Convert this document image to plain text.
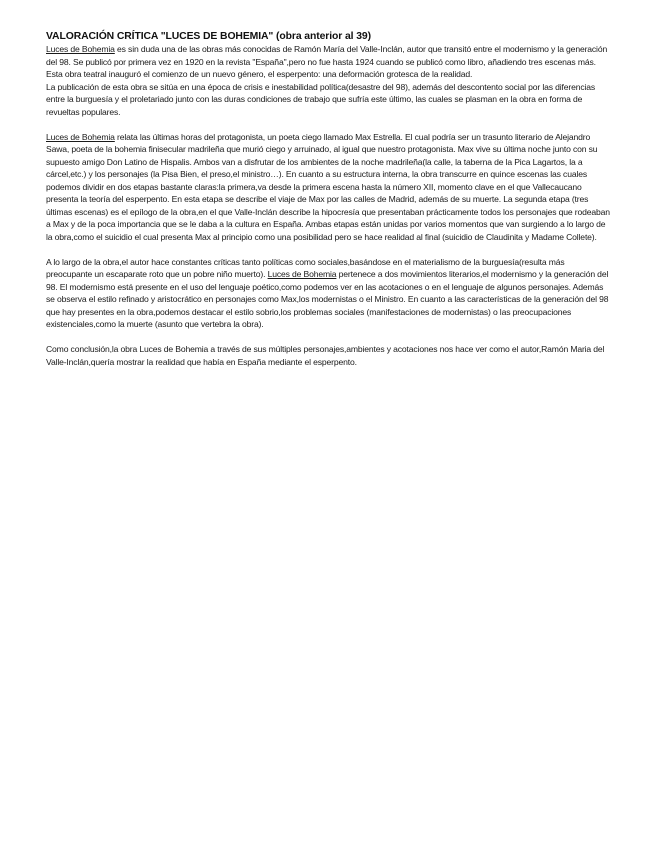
VALORACIÓN CRÍTICA "LUCES DE BOHEMIA" (obra anterior al 39)

Luces de Bohemia es sin duda una de las obras más conocidas de Ramón María del Valle-Inclán, autor que transitó entre el modernismo y la generación del 98. Se publicó por primera vez en 1920 en la revista "España",pero no fue hasta 1924 cuando se publicó como libro, añadiendo tres escenas más. Esta obra teatral inauguró el comienzo de un nuevo género, el esperpento: una deformación grotesca de la realidad.

La publicación de esta obra se sitúa en una época de crisis e inestabilidad política(desastre del 98), además del descontento social por las diferencias entre la burguesía y el proletariado junto con las duras condiciones de trabajo que sufría este último, las cuales se plasman en la obra en forma de revueltas populares.

Luces de Bohemia relata las últimas horas del protagonista, un poeta ciego llamado Max Estrella. El cual podría ser un trasunto literario de Alejandro Sawa, poeta de la bohemia finisecular madrileña que murió ciego y arruinado, al igual que nuestro protagonista. Max vive su última noche junto con su supuesto amigo Don Latino de Hispalis. Ambos van a disfrutar de los ambientes de la noche madrileña(la calle, la taberna de la Pica Lagartos, la a cárcel,etc.) y los personajes (la Pisa Bien, el preso,el ministro…). En cuanto a su estructura interna, la obra transcurre en quince escenas las cuales podemos dividir en dos etapas bastante claras:la primera,va desde la primera escena hasta la número XII, momento clave en el que Vallecaucano presenta la teoría del esperpento. En esta etapa se describe el viaje de Max por las calles de Madrid, además de su muerte. La segunda etapa (tres últimas escenas) es el epílogo de la obra,en el que Valle-Inclán describe la hipocresía que presentaban prácticamente todos los personajes que rodeaban a Max y de la poca importancia que se le daba a la cultura en España. Ambas etapas están unidas por varios momentos que van surgiendo a lo largo de la obra,como el suicidio el cual presenta Max al principio como una posibilidad pero se hace realidad al final (suicidio de Claudinita y Madame Collete).

A lo largo de la obra,el autor hace constantes críticas tanto políticas como sociales,basándose en el materialismo de la burguesía(resulta más preocupante un escaparate roto que un pobre niño muerto). Luces de Bohemia pertenece a dos movimientos literarios,el modernismo y la generación del 98. El modernismo está presente en el uso del lenguaje poético,como podemos ver en las acotaciones o en el lenguaje de algunos personajes. Además se observa el estilo refinado y aristocrático en personajes como Max,los modernistas o el Ministro. En cuanto a las características de la generación del 98 que hay presentes en la obra,podemos destacar el estilo sobrio,los problemas sociales (manifestaciones de modernistas) o las preocupaciones existenciales,como la muerte (asunto que vertebra la obra).

Como conclusión,la obra Luces de Bohemia a través de sus múltiples personajes,ambientes y acotaciones nos hace ver como el autor,Ramón Maria del Valle-Inclán,quería mostrar la realidad que había en España mediante el esperpento.
